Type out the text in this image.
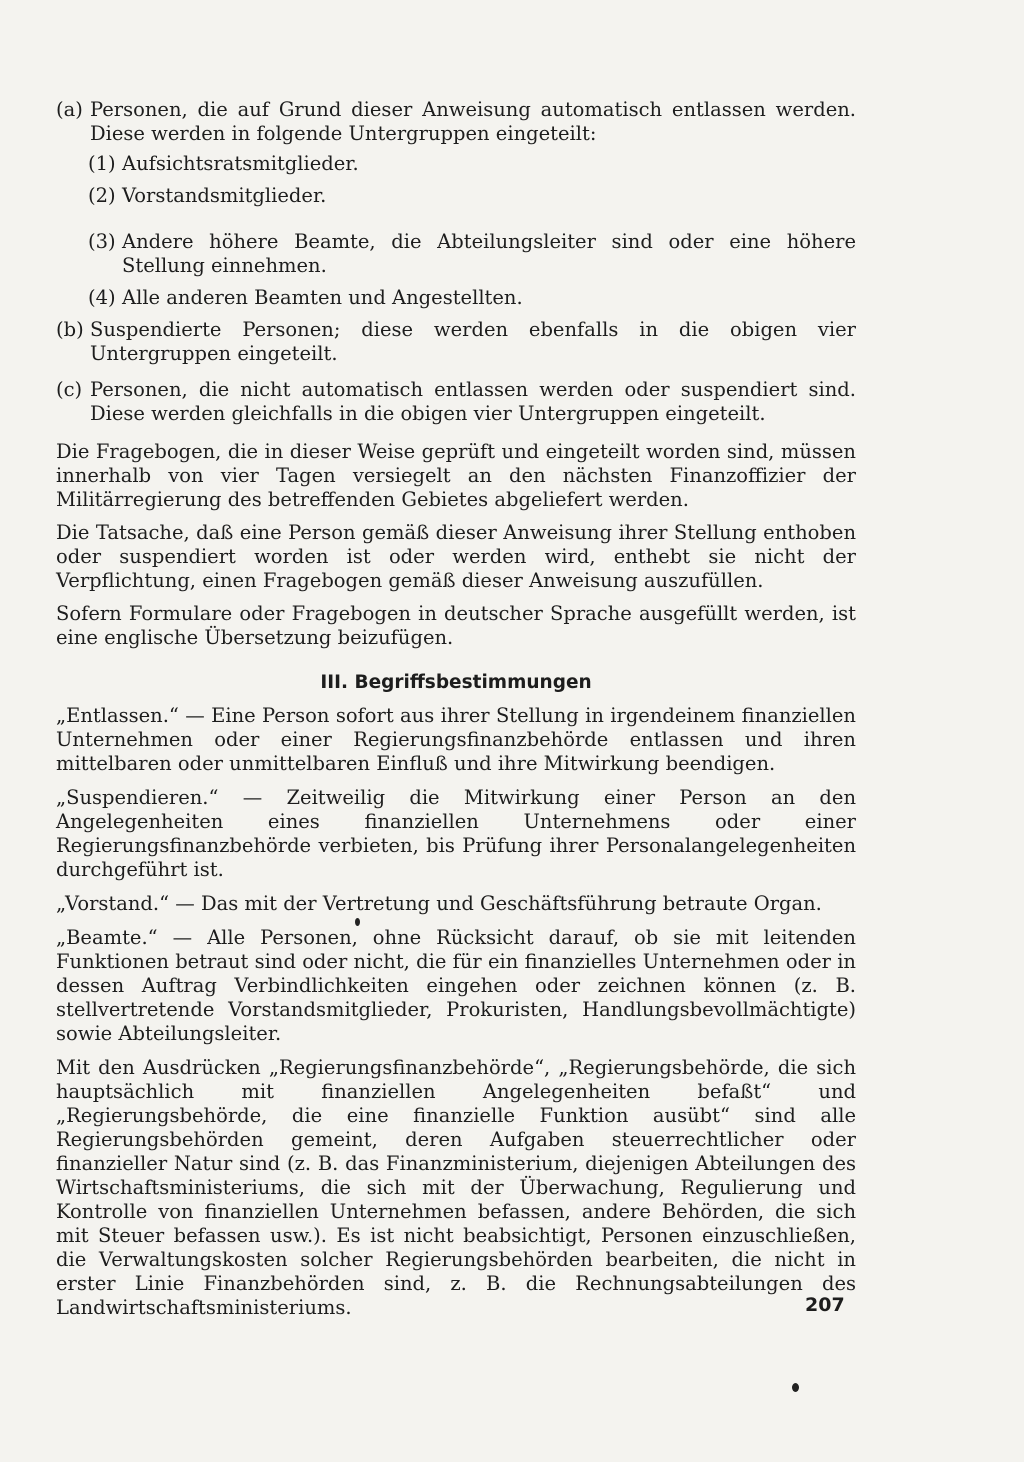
(a) Personen, die auf Grund dieser Anweisung automatisch entlassen werden. Diese werden in folgende Untergruppen eingeteilt:

(1) Aufsichtsratsmitglieder.

(2) Vorstandsmitglieder.

(3) Andere höhere Beamte, die Abteilungsleiter sind oder eine höhere Stellung einnehmen.

(4) Alle anderen Beamten und Angestellten.

(b) Suspendierte Personen; diese werden ebenfalls in die obigen vier Untergruppen eingeteilt.

(c) Personen, die nicht automatisch entlassen werden oder suspendiert sind. Diese werden gleichfalls in die obigen vier Untergruppen eingeteilt.

Die Fragebogen, die in dieser Weise geprüft und eingeteilt worden sind, müssen innerhalb von vier Tagen versiegelt an den nächsten Finanzoffizier der Militärregierung des betreffenden Gebietes abgeliefert werden.

Die Tatsache, daß eine Person gemäß dieser Anweisung ihrer Stellung enthoben oder suspendiert worden ist oder werden wird, enthebt sie nicht der Verpflichtung, einen Fragebogen gemäß dieser Anweisung auszufüllen.

Sofern Formulare oder Fragebogen in deutscher Sprache ausgefüllt werden, ist eine englische Übersetzung beizufügen.

III. Begriffsbestimmungen

„Entlassen.“ — Eine Person sofort aus ihrer Stellung in irgendeinem finanziellen Unternehmen oder einer Regierungsfinanzbehörde entlassen und ihren mittelbaren oder unmittelbaren Einfluß und ihre Mitwirkung beendigen.

„Suspendieren.“ — Zeitweilig die Mitwirkung einer Person an den Angelegenheiten eines finanziellen Unternehmens oder einer Regierungsfinanzbehörde verbieten, bis Prüfung ihrer Personalangelegenheiten durchgeführt ist.

„Vorstand.“ — Das mit der Vertretung und Geschäftsführung betraute Organ.

„Beamte.“ — Alle Personen, ohne Rücksicht darauf, ob sie mit leitenden Funktionen betraut sind oder nicht, die für ein finanzielles Unternehmen oder in dessen Auftrag Verbindlichkeiten eingehen oder zeichnen können (z. B. stellvertretende Vorstandsmitglieder, Prokuristen, Handlungsbevollmächtigte) sowie Abteilungsleiter.

Mit den Ausdrücken „Regierungsfinanzbehörde“, „Regierungsbehörde, die sich hauptsächlich mit finanziellen Angelegenheiten befaßt“ und „Regierungsbehörde, die eine finanzielle Funktion ausübt“ sind alle Regierungsbehörden gemeint, deren Aufgaben steuerrechtlicher oder finanzieller Natur sind (z. B. das Finanzministerium, diejenigen Abteilungen des Wirtschaftsministeriums, die sich mit der Überwachung, Regulierung und Kontrolle von finanziellen Unternehmen befassen, andere Behörden, die sich mit Steuer befassen usw.). Es ist nicht beabsichtigt, Personen einzuschließen, die Verwaltungskosten solcher Regierungsbehörden bearbeiten, die nicht in erster Linie Finanzbehörden sind, z. B. die Rechnungsabteilungen des Landwirtschaftsministeriums.	207
